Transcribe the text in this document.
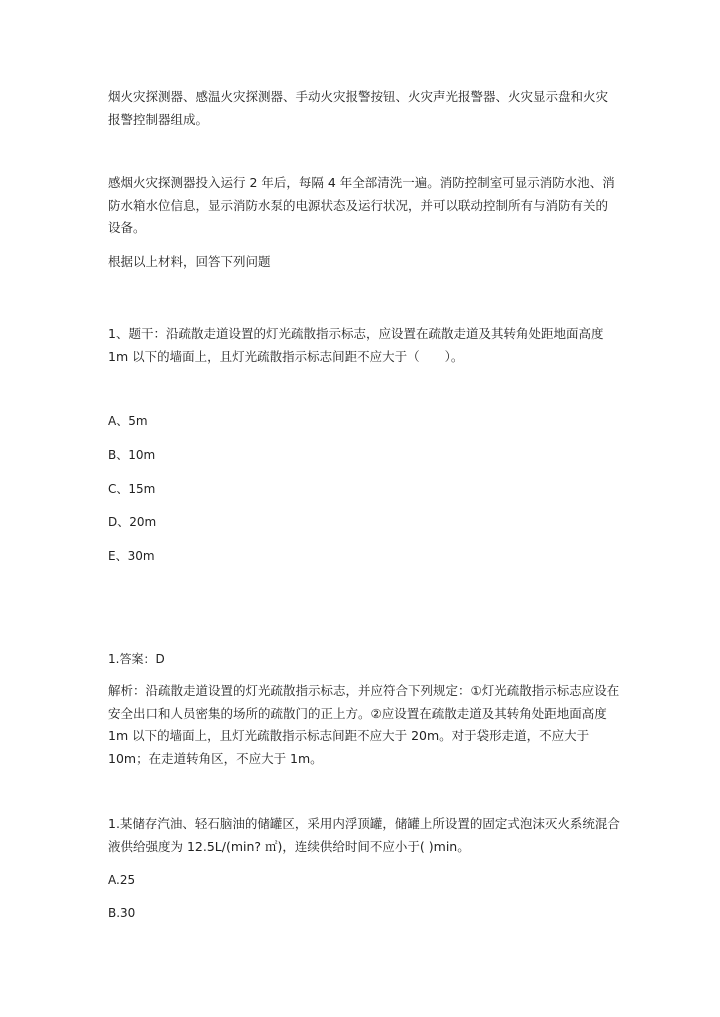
烟火灾探测器、感温火灾探测器、手动火灾报警按钮、火灾声光报警器、火灾显示盘和火灾报警控制器组成。

感烟火灾探测器投入运行 2 年后，每隔 4 年全部清洗一遍。消防控制室可显示消防水池、消防水箱水位信息，显示消防水泵的电源状态及运行状况，并可以联动控制所有与消防有关的设备。

根据以上材料，回答下列问题

1、题干：沿疏散走道设置的灯光疏散指示标志，应设置在疏散走道及其转角处距地面高度 1m 以下的墙面上，且灯光疏散指示标志间距不应大于（　　）。

A、5m
B、10m
C、15m
D、20m
E、30m
1.答案：D

解析：沿疏散走道设置的灯光疏散指示标志，并应符合下列规定：①灯光疏散指示标志应设在安全出口和人员密集的场所的疏散门的正上方。②应设置在疏散走道及其转角处距地面高度 1m 以下的墙面上，且灯光疏散指示标志间距不应大于 20m。对于袋形走道，不应大于 10m；在走道转角区，不应大于 1m。

1.某储存汽油、轻石脑油的储罐区，采用内浮顶罐，储罐上所设置的固定式泡沫灭火系统混合液供给强度为 12.5L/(min? ㎡)，连续供给时间不应小于( )min。

A.25
B.30
